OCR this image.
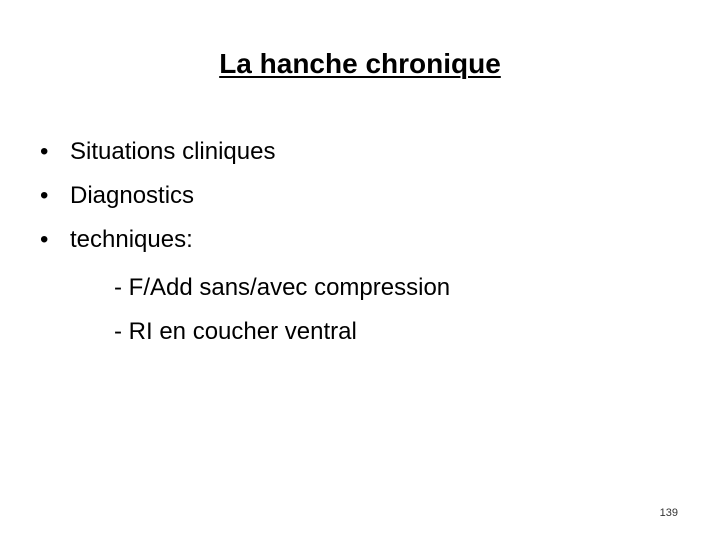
La hanche chronique
• Situations cliniques
• Diagnostics
• techniques:
- F/Add sans/avec compression
- RI en coucher ventral
139
